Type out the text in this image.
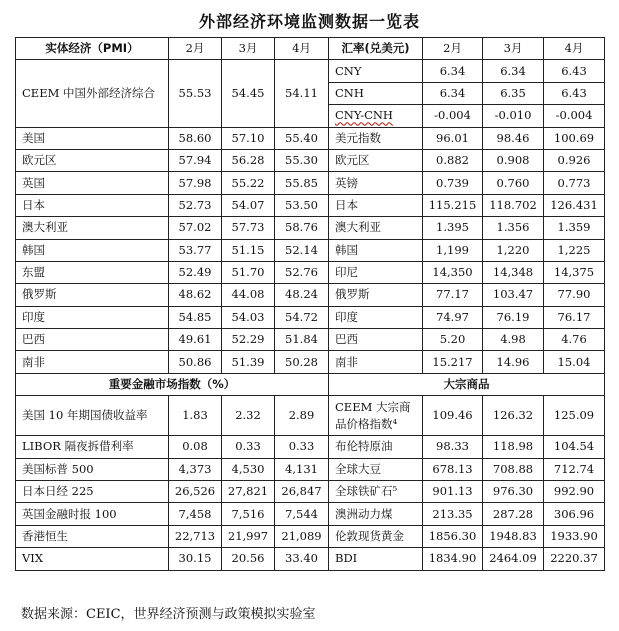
外部经济环境监测数据一览表
实体经济（PMI）	2月	3月	4月	汇率(兑美元)	2月	3月	4月
CEEM 中国外部经济综合	55.53	54.45	54.11	CNY	6.34	6.34	6.43
				CNH	6.34	6.35	6.43
				CNY-CNH	-0.004	-0.010	-0.004
美国	58.60	57.10	55.40	美元指数	96.01	98.46	100.69
欧元区	57.94	56.28	55.30	欧元区	0.882	0.908	0.926
英国	57.98	55.22	55.85	英镑	0.739	0.760	0.773
日本	52.73	54.07	53.50	日本	115.215	118.702	126.431
澳大利亚	57.02	57.73	58.76	澳大利亚	1.395	1.356	1.359
韩国	53.77	51.15	52.14	韩国	1,199	1,220	1,225
东盟	52.49	51.70	52.76	印尼	14,350	14,348	14,375
俄罗斯	48.62	44.08	48.24	俄罗斯	77.17	103.47	77.90
印度	54.85	54.03	54.72	印度	74.97	76.19	76.17
巴西	49.61	52.29	51.84	巴西	5.20	4.98	4.76
南非	50.86	51.39	50.28	南非	15.217	14.96	15.04
重要金融市场指数（%）				大宗商品			
美国 10 年期国债收益率	1.83	2.32	2.89	CEEM 大宗商品价格指数⁴	109.46	126.32	125.09
LIBOR 隔夜拆借利率	0.08	0.33	0.33	布伦特原油	98.33	118.98	104.54
美国标普 500	4,373	4,530	4,131	全球大豆	678.13	708.88	712.74
日本日经 225	26,526	27,821	26,847	全球铁矿石⁵	901.13	976.30	992.90
英国金融时报 100	7,458	7,516	7,544	澳洲动力煤	213.35	287.28	306.96
香港恒生	22,713	21,997	21,089	伦敦现货黄金	1856.30	1948.83	1933.90
VIX	30.15	20.56	33.40	BDI	1834.90	2464.09	2220.37
数据来源：CEIC，世界经济预测与政策模拟实验室
